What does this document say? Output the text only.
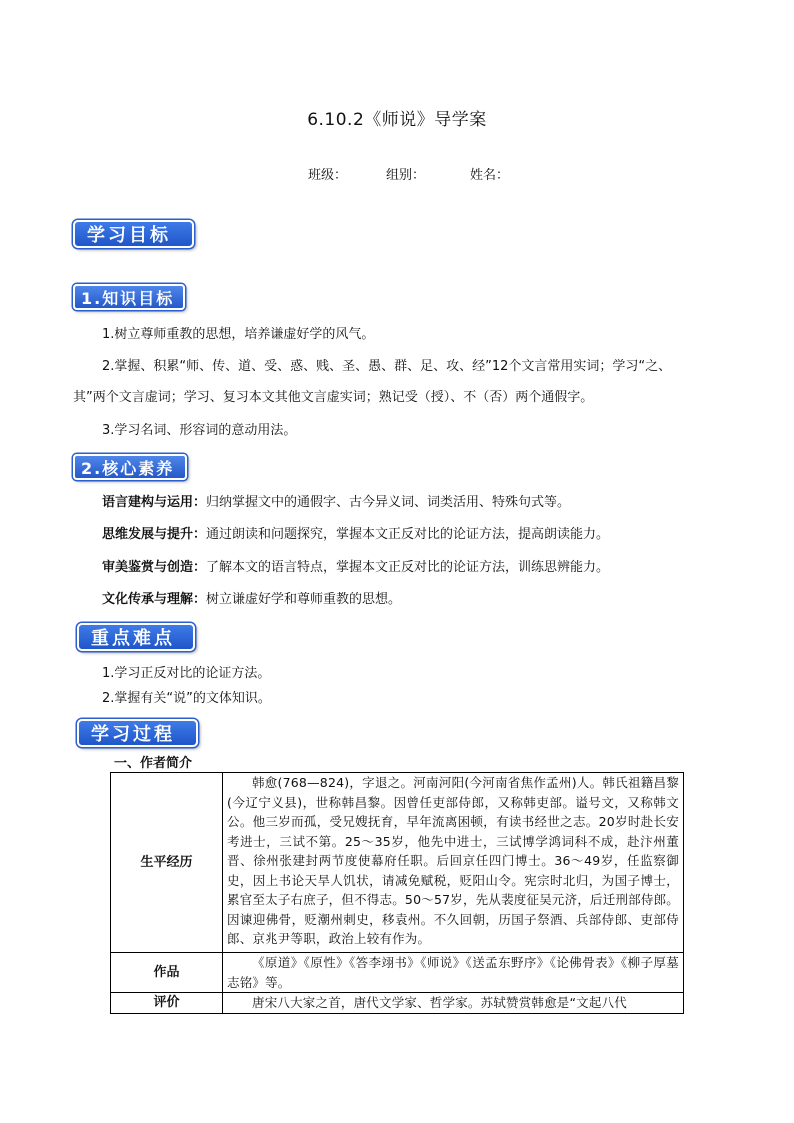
6.10.2《师说》导学案
班级：	组别：	姓名：
学习目标
1.知识目标
1.树立尊师重教的思想，培养谦虚好学的风气。
2.掌握、积累“师、传、道、受、惑、贱、圣、愚、群、足、攻、经”12个文言常用实词；学习“之、
其”两个文言虚词；学习、复习本文其他文言虚实词；熟记受（授）、不（否）两个通假字。
3.学习名词、形容词的意动用法。
2.核心素养
语言建构与运用：归纳掌握文中的通假字、古今异义词、词类活用、特殊句式等。
思维发展与提升：通过朗读和问题探究，掌握本文正反对比的论证方法，提高朗读能力。
审美鉴赏与创造：了解本文的语言特点，掌握本文正反对比的论证方法，训练思辨能力。
文化传承与理解：树立谦虚好学和尊师重教的思想。
重点难点
1.学习正反对比的论证方法。
2.掌握有关“说”的文体知识。
学习过程
一、作者简介
生平经历	韩愈(768—824)，字退之。河南河阳(今河南省焦作孟州)人。韩氏祖籍昌黎(今辽宁义县)，世称韩昌黎。因曾任吏部侍郎，又称韩吏部。谥号文，又称韩文公。他三岁而孤，受兄嫂抚育，早年流离困顿，有读书经世之志。20岁时赴长安考进士，三试不第。25～35岁，他先中进士，三试博学鸿词科不成，赴汴州董晋、徐州张建封两节度使幕府任职。后回京任四门博士。36～49岁，任监察御史，因上书论天旱人饥状，请减免赋税，贬阳山令。宪宗时北归，为国子博士，累官至太子右庶子，但不得志。50～57岁，先从裴度征吴元济，后迁刑部侍郎。因谏迎佛骨，贬潮州刺史，移袁州。不久回朝，历国子祭酒、兵部侍郎、吏部侍郎、京兆尹等职，政治上较有作为。
作品	《原道》《原性》《答李翊书》《师说》《送孟东野序》《论佛骨表》《柳子厚墓志铭》等。
评价	唐宋八大家之首，唐代文学家、哲学家。苏轼赞赏韩愈是“文起八代
